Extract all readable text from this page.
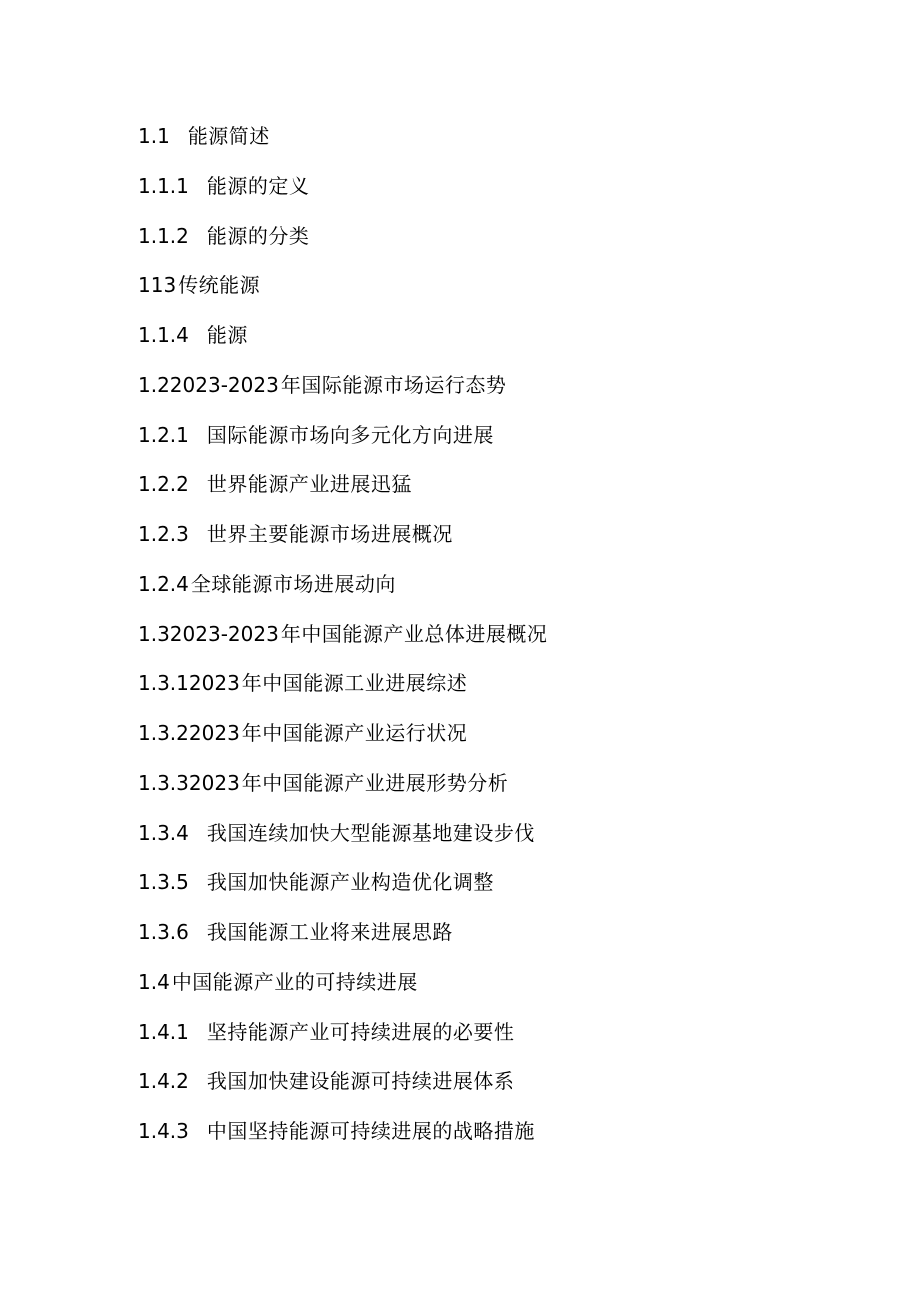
1.1 能源简述
1.1.1 能源的定义
1.1.2 能源的分类
113 传统能源
1.1.4 能源
1.22023-2023 年国际能源市场运行态势
1.2.1 国际能源市场向多元化方向进展
1.2.2 世界能源产业进展迅猛
1.2.3 世界主要能源市场进展概况
1.2.4 全球能源市场进展动向
1.32023-2023 年中国能源产业总体进展概况
1.3.12023 年中国能源工业进展综述
1.3.22023 年中国能源产业运行状况
1.3.32023 年中国能源产业进展形势分析
1.3.4 我国连续加快大型能源基地建设步伐
1.3.5 我国加快能源产业构造优化调整
1.3.6 我国能源工业将来进展思路
1.4 中国能源产业的可持续进展
1.4.1 坚持能源产业可持续进展的必要性
1.4.2 我国加快建设能源可持续进展体系
1.4.3 中国坚持能源可持续进展的战略措施
